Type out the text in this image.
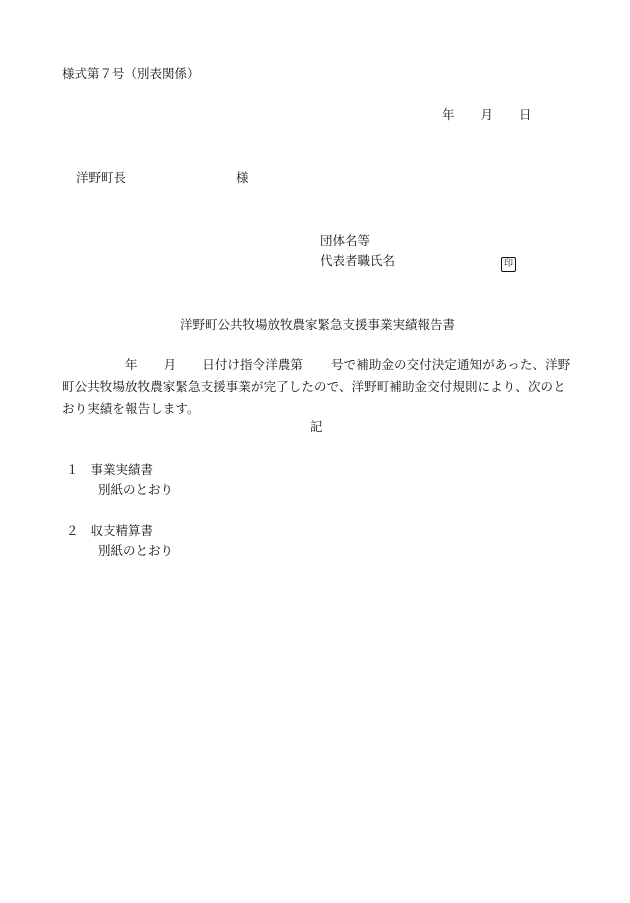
様式第７号（別表関係）
年 月 日
洋野町長	様
団体名等
代表者職氏名	印
洋野町公共牧場放牧農家緊急支援事業実績報告書
年 月 日付け指令洋農第 号で補助金の交付決定通知があった、洋野町公共牧場放牧農家緊急支援事業が完了したので、洋野町補助金交付規則により、次のとおり実績を報告します。
記
１ 事業実績書
別紙のとおり
２ 収支精算書
別紙のとおり
